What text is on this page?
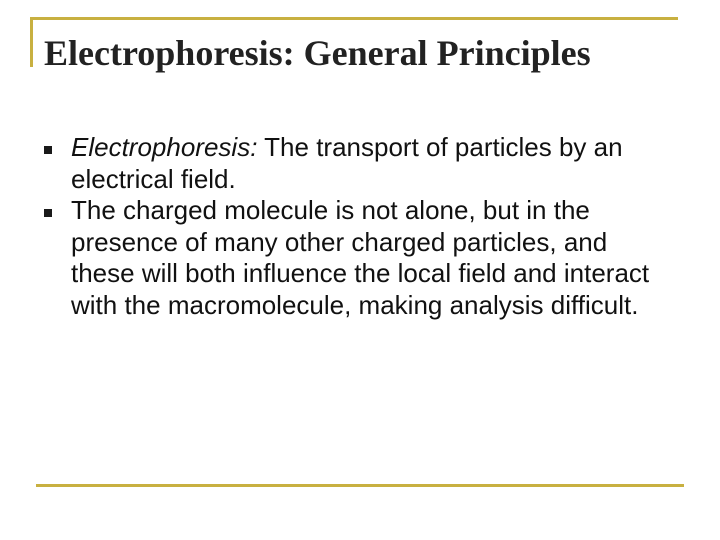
Electrophoresis: General Principles
Electrophoresis: The transport of particles by an electrical field.
The charged molecule is not alone, but in the presence of many other charged particles, and these will both influence the local field and interact with the macromolecule, making analysis difficult.
